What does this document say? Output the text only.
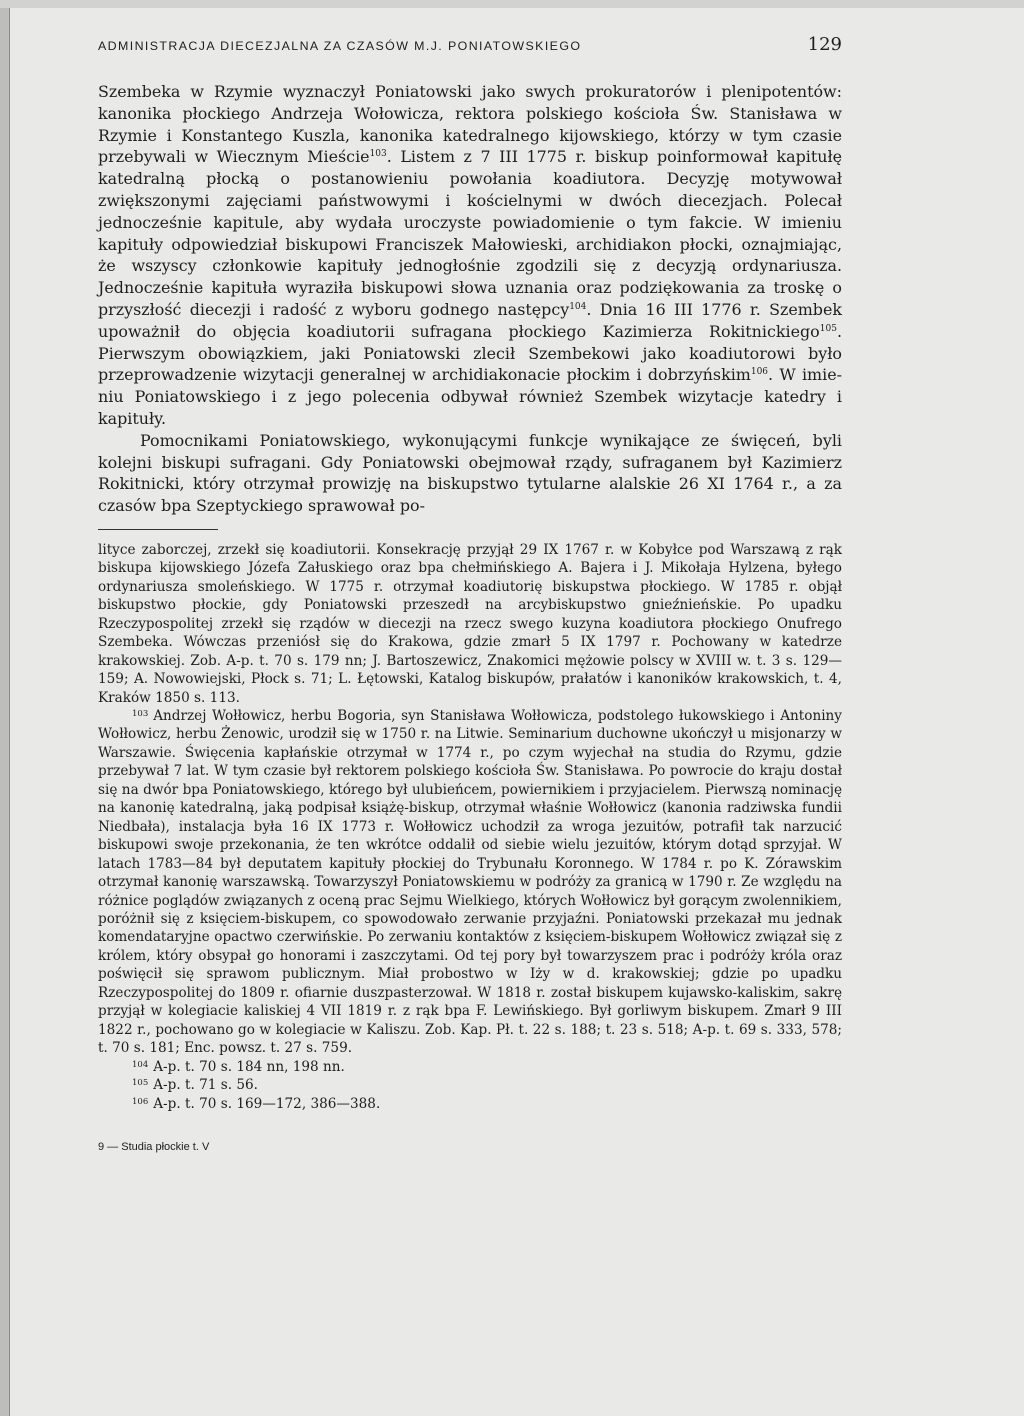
ADMINISTRACJA DIECEZJALNA ZA CZASÓW M.J. PONIATOWSKIEGO	129

Szembeka w Rzymie wyznaczył Poniatowski jako swych prokuratorów i plenipotentów: kanonika płockiego Andrzeja Wołowicza, rektora polskiego kościoła Św. Stanisława w Rzymie i Konstantego Kuszla, kanonika katedralnego kijowskiego, którzy w tym czasie przebywali w Wiecznym Mieście$^{103}$. Listem z 7 III 1775 r. biskup poinformował kapitułę katedralną płocką o postanowieniu powołania koadiutora. Decyzję motywował zwiększonymi zajęciami państwowymi i kościelnymi w dwóch diecezjach. Polecał jednocześnie kapitule, aby wydała uroczyste powiadomienie o tym fakcie. W imieniu kapituły odpowiedział biskupowi Franciszek Małowieski, archidiakon płocki, oznajmiając, że wszyscy członkowie kapituły jednogłośnie zgodzili się z decyzją ordynariusza. Jednocześnie kapituła wyraziła biskupowi słowa uznania oraz podziękowania za troskę o przyszłość diecezji i radość z wyboru godnego następcy$^{104}$. Dnia 16 III 1776 r. Szembek upoważnił do objęcia koadiutorii sufragana płockiego Kazimierza Rokitnickiego$^{105}$. Pierwszym obowiązkiem, jaki Poniatowski zlecił Szembekowi jako koadiutorowi było przeprowadzenie wizytacji generalnej w archidiakonacie płockim i dobrzyńskim$^{106}$. W imieniu Poniatowskiego i z jego polecenia odbywał również Szembek wizytacje katedry i kapituły.

Pomocnikami Poniatowskiego, wykonującymi funkcje wynikające ze święceń, byli kolejni biskupi sufragani. Gdy Poniatowski obejmował rządy, sufraganem był Kazimierz Rokitnicki, który otrzymał prowizję na biskupstwo tytularne alalskie 26 XI 1764 r., a za czasów bpa Szeptyckiego sprawował po-

lityce zaborczej, zrzekł się koadiutorii. Konsekrację przyjął 29 IX 1767 r. w Kobyłce pod Warszawą z rąk biskupa kijowskiego Józefa Załuskiego oraz bpa chełmińskiego A. Bajera i J. Mikołaja Hylzena, byłego ordynariusza smoleńskiego. W 1775 r. otrzymał koadiutorię biskupstwa płockiego. W 1785 r. objął biskupstwo płockie, gdy Poniatowski przeszedł na arcybiskupstwo gnieźnieńskie. Po upadku Rzeczypospolitej zrzekł się rządów w diecezji na rzecz swego kuzyna koadiutora płockiego Onufrego Szembeka. Wówczas przeniósł się do Krakowa, gdzie zmarł 5 IX 1797 r. Pochowany w katedrze krakowskiej. Zob. A-p. t. 70 s. 179 nn; J. Bartoszewicz, Znakomici mężowie polscy w XVIII w. t. 3 s. 129—159; A. Nowowiejski, Płock s. 71; L. Łętowski, Katalog biskupów, prałatów i kanoników krakowskich, t. 4, Kraków 1850 s. 113.

$^{103}$ Andrzej Wołłowicz, herbu Bogoria, syn Stanisława Wołłowicza, podstolego łukowskiego i Antoniny Wołłowicz, herbu Żenowic, urodził się w 1750 r. na Litwie. Seminarium duchowne ukończył u misjonarzy w Warszawie. Święcenia kapłańskie otrzymał w 1774 r., po czym wyjechał na studia do Rzymu, gdzie przebywał 7 lat. W tym czasie był rektorem polskiego kościoła Św. Stanisława. Po powrocie do kraju dostał się na dwór bpa Poniatowskiego, którego był ulubieńcem, powiernikiem i przyjacielem. Pierwszą nominację na kanonię katedralną, jaką podpisał książę-biskup, otrzymał właśnie Wołłowicz (kanonia radziwska fundii Niedbała), instalacja była 16 IX 1773 r. Wołłowicz uchodził za wroga jezuitów, potrafił tak narzucić biskupowi swoje przekonania, że ten wkrótce oddalił od siebie wielu jezuitów, którym dotąd sprzyjał. W latach 1783—84 był deputatem kapituły płockiej do Trybunału Koronnego. W 1784 r. po K. Zórawskim otrzymał kanonię warszawską. Towarzyszył Poniatowskiemu w podróży za granicą w 1790 r. Ze względu na różnice poglądów związanych z oceną prac Sejmu Wielkiego, których Wołłowicz był gorącym zwolennikiem, poróżnił się z księciem-biskupem, co spowodowało zerwanie przyjaźni. Poniatowski przekazał mu jednak komendataryjne opactwo czerwińskie. Po zerwaniu kontaktów z księciem-biskupem Wołłowicz związał się z królem, który obsypał go honorami i zaszczytami. Od tej pory był towarzyszem prac i podróży króla oraz poświęcił się sprawom publicznym. Miał probostwo w Iży w d. krakowskiej; gdzie po upadku Rzeczypospolitej do 1809 r. ofiarnie duszpasterzował. W 1818 r. został biskupem kujawsko-kaliskim, sakrę przyjął w kolegiacie kaliskiej 4 VII 1819 r. z rąk bpa F. Lewińskiego. Był gorliwym biskupem. Zmarł 9 III 1822 r., pochowano go w kolegiacie w Kaliszu. Zob. Kap. Pł. t. 22 s. 188; t. 23 s. 518; A-p. t. 69 s. 333, 578; t. 70 s. 181; Enc. powsz. t. 27 s. 759.

$^{104}$ A-p. t. 70 s. 184 nn, 198 nn.

$^{105}$ A-p. t. 71 s. 56.

$^{106}$ A-p. t. 70 s. 169—172, 386—388.

9 — Studia płockie t. V
